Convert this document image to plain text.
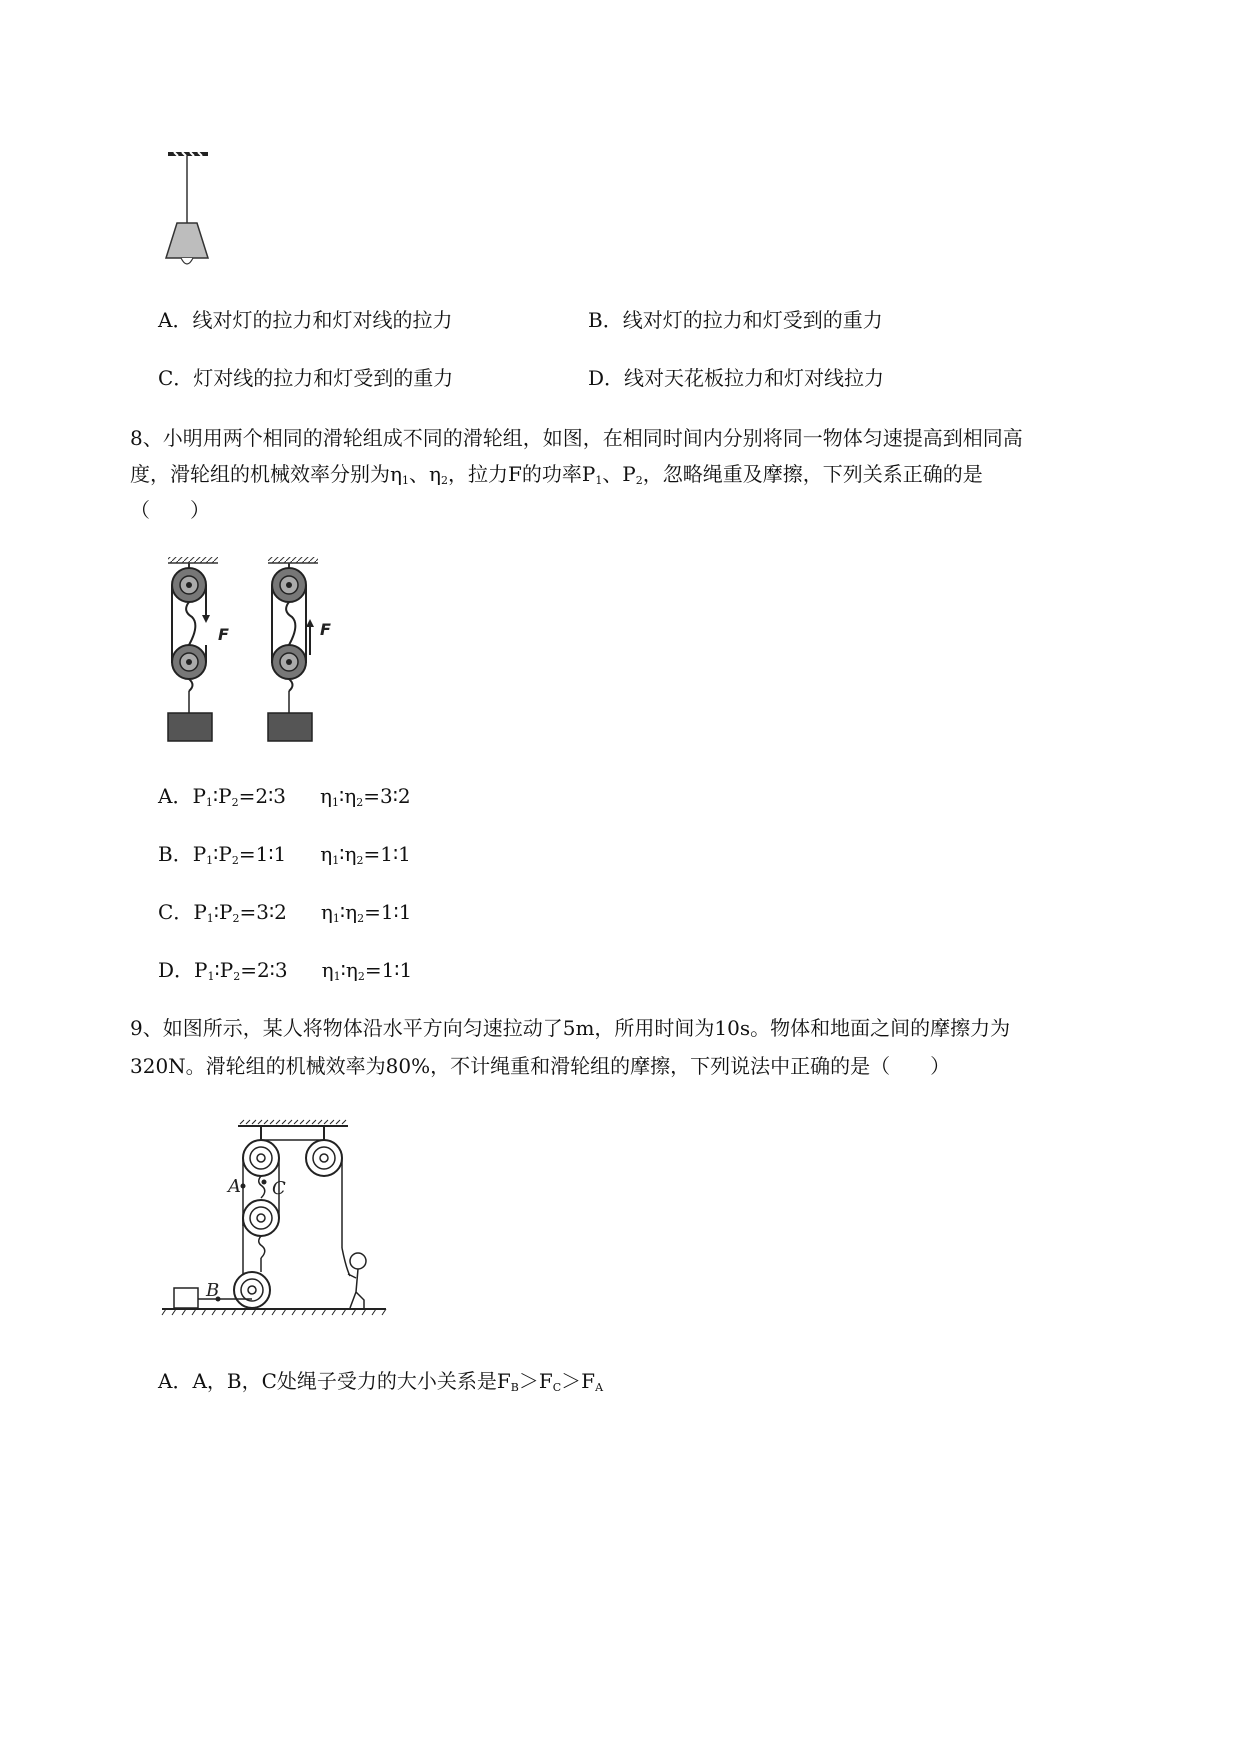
A．线对灯的拉力和灯对线的拉力	B．线对灯的拉力和灯受到的重力
C．灯对线的拉力和灯受到的重力	D．线对天花板拉力和灯对线拉力
8、小明用两个相同的滑轮组成不同的滑轮组，如图，在相同时间内分别将同一物体匀速提高到相同高
度，滑轮组的机械效率分别为$\eta_1$、$\eta_2$，拉力F的功率$P_1$、$P_2$，忽略绳重及摩擦，下列关系正确的是
（　　）
F	F
A．$P_1∶P_2=2∶3$ $\eta_1∶\eta_2=3∶2$
B．$P_1∶P_2=1∶1$ $\eta_1∶\eta_2=1∶1$
C．$P_1∶P_2=3∶2$ $\eta_1∶\eta_2=1∶1$
D．$P_1∶P_2=2∶3$ $\eta_1∶\eta_2=1∶1$
9、如图所示，某人将物体沿水平方向匀速拉动了5m，所用时间为10s。物体和地面之间的摩擦力为
320N。滑轮组的机械效率为80%，不计绳重和滑轮组的摩擦，下列说法中正确的是（　　）
A C
B
A．A，B，C处绳子受力的大小关系是$F_B>F_C>F_A$
